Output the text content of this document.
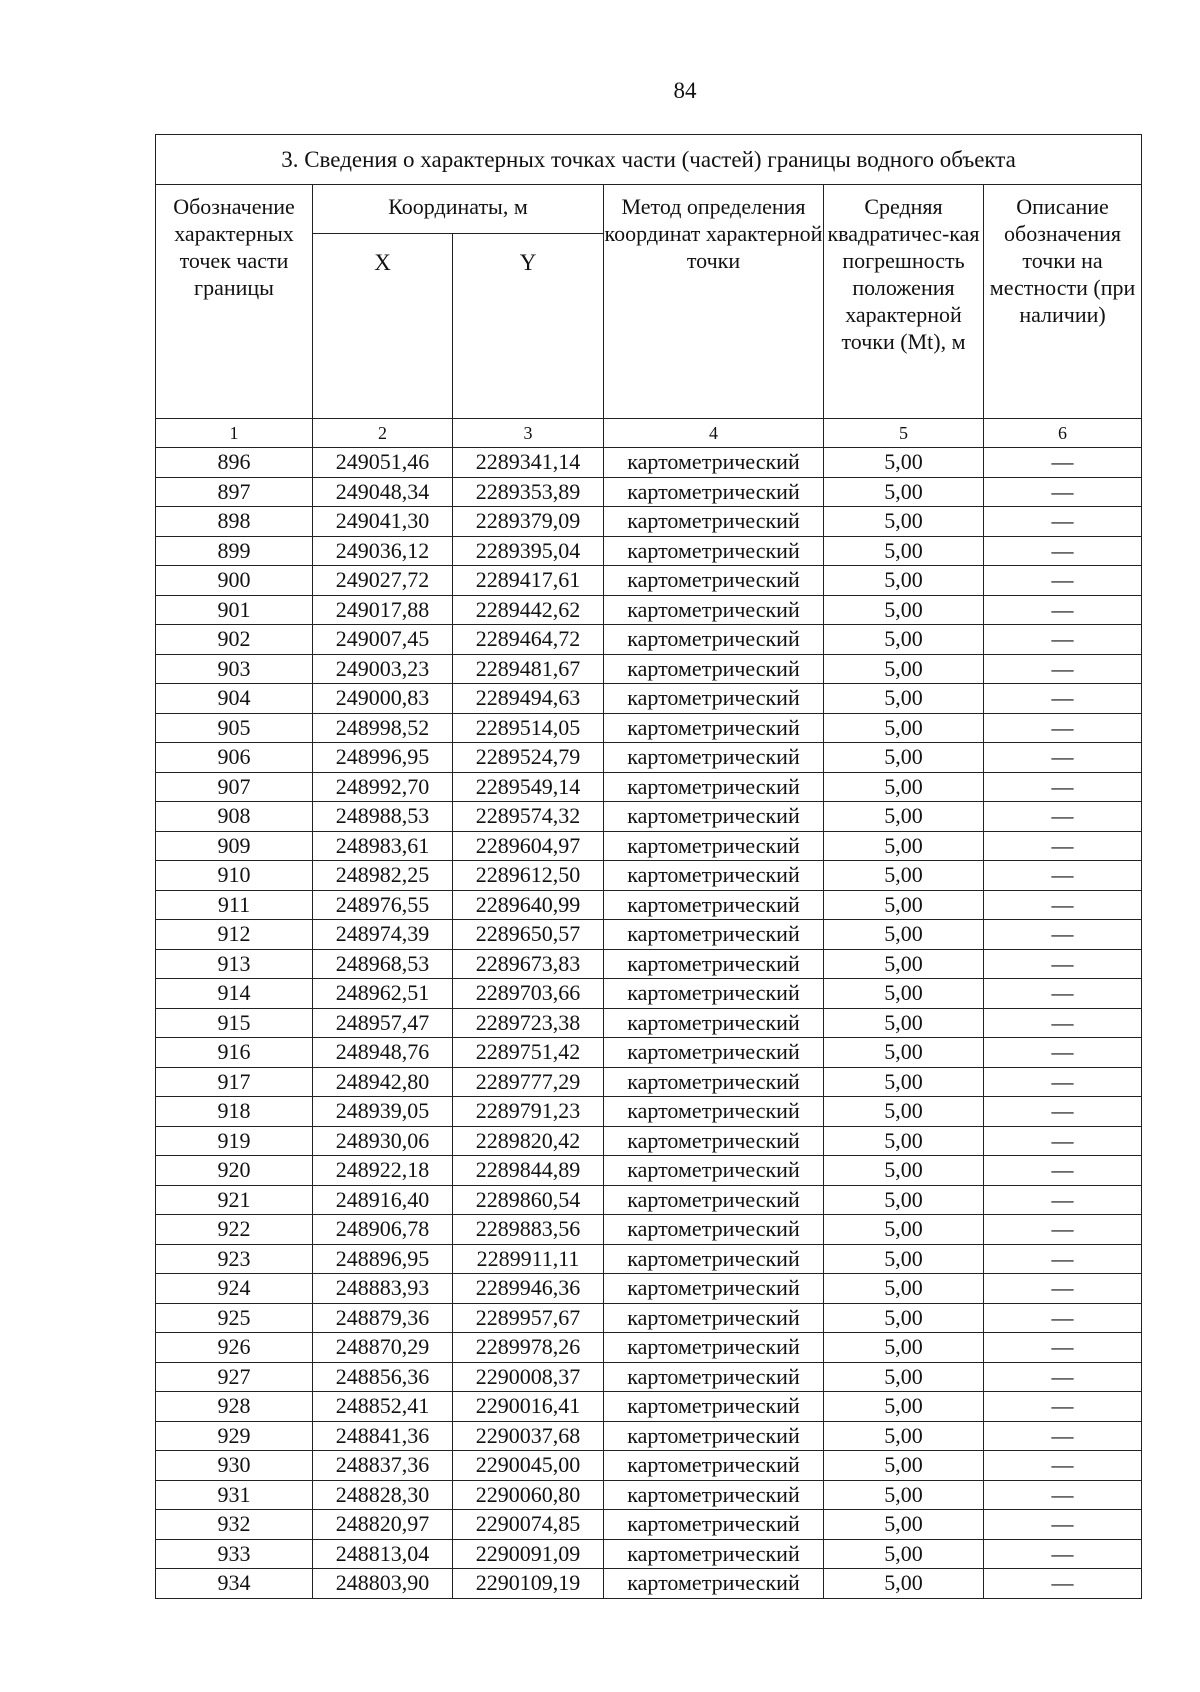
84
3. Сведения о характерных точках части (частей) границы водного объекта					
Обозначение характерных точек части границы	Координаты, м		Метод определения координат характерной точки	Средняя квадратичес-кая погрешность положения характерной точки (Mt), м	Описание обозначения точки на местности (при наличии)
	X	Y			
1	2	3	4	5	6
896	249051,46	2289341,14	картометрический	5,00	—
897	249048,34	2289353,89	картометрический	5,00	—
898	249041,30	2289379,09	картометрический	5,00	—
899	249036,12	2289395,04	картометрический	5,00	—
900	249027,72	2289417,61	картометрический	5,00	—
901	249017,88	2289442,62	картометрический	5,00	—
902	249007,45	2289464,72	картометрический	5,00	—
903	249003,23	2289481,67	картометрический	5,00	—
904	249000,83	2289494,63	картометрический	5,00	—
905	248998,52	2289514,05	картометрический	5,00	—
906	248996,95	2289524,79	картометрический	5,00	—
907	248992,70	2289549,14	картометрический	5,00	—
908	248988,53	2289574,32	картометрический	5,00	—
909	248983,61	2289604,97	картометрический	5,00	—
910	248982,25	2289612,50	картометрический	5,00	—
911	248976,55	2289640,99	картометрический	5,00	—
912	248974,39	2289650,57	картометрический	5,00	—
913	248968,53	2289673,83	картометрический	5,00	—
914	248962,51	2289703,66	картометрический	5,00	—
915	248957,47	2289723,38	картометрический	5,00	—
916	248948,76	2289751,42	картометрический	5,00	—
917	248942,80	2289777,29	картометрический	5,00	—
918	248939,05	2289791,23	картометрический	5,00	—
919	248930,06	2289820,42	картометрический	5,00	—
920	248922,18	2289844,89	картометрический	5,00	—
921	248916,40	2289860,54	картометрический	5,00	—
922	248906,78	2289883,56	картометрический	5,00	—
923	248896,95	2289911,11	картометрический	5,00	—
924	248883,93	2289946,36	картометрический	5,00	—
925	248879,36	2289957,67	картометрический	5,00	—
926	248870,29	2289978,26	картометрический	5,00	—
927	248856,36	2290008,37	картометрический	5,00	—
928	248852,41	2290016,41	картометрический	5,00	—
929	248841,36	2290037,68	картометрический	5,00	—
930	248837,36	2290045,00	картометрический	5,00	—
931	248828,30	2290060,80	картометрический	5,00	—
932	248820,97	2290074,85	картометрический	5,00	—
933	248813,04	2290091,09	картометрический	5,00	—
934	248803,90	2290109,19	картометрический	5,00	—
